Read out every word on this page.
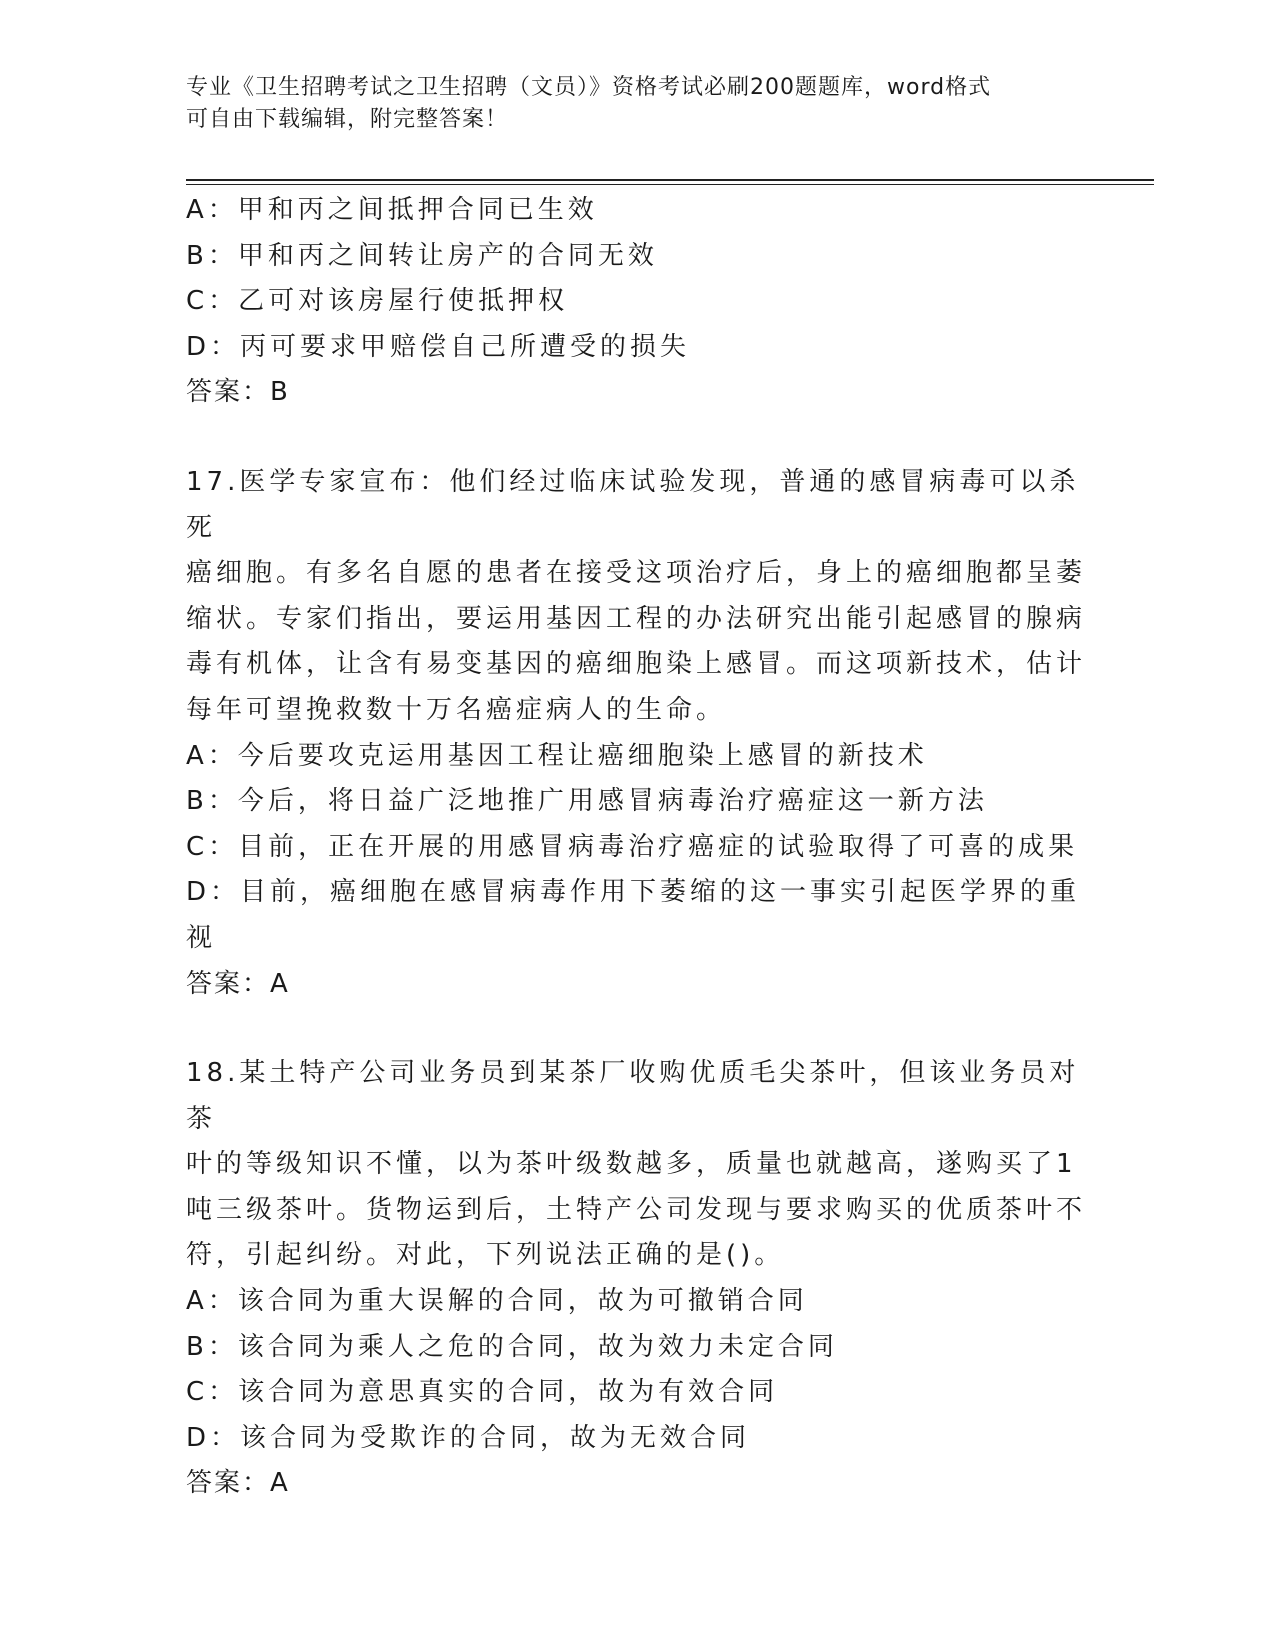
专业《卫生招聘考试之卫生招聘（文员）》资格考试必刷200题题库，word格式
可自由下载编辑，附完整答案！

A：甲和丙之间抵押合同已生效

B：甲和丙之间转让房产的合同无效

C：乙可对该房屋行使抵押权

D：丙可要求甲赔偿自己所遭受的损失

答案：B

17.医学专家宣布：他们经过临床试验发现，普通的感冒病毒可以杀死

癌细胞。有多名自愿的患者在接受这项治疗后，身上的癌细胞都呈萎

缩状。专家们指出，要运用基因工程的办法研究出能引起感冒的腺病

毒有机体，让含有易变基因的癌细胞染上感冒。而这项新技术，估计

每年可望挽救数十万名癌症病人的生命。

A：今后要攻克运用基因工程让癌细胞染上感冒的新技术

B：今后，将日益广泛地推广用感冒病毒治疗癌症这一新方法

C：目前，正在开展的用感冒病毒治疗癌症的试验取得了可喜的成果

D：目前，癌细胞在感冒病毒作用下萎缩的这一事实引起医学界的重视

答案：A

18.某土特产公司业务员到某茶厂收购优质毛尖茶叶，但该业务员对茶

叶的等级知识不懂，以为茶叶级数越多，质量也就越高，遂购买了1

吨三级茶叶。货物运到后，土特产公司发现与要求购买的优质茶叶不

符，引起纠纷。对此，下列说法正确的是()。

A：该合同为重大误解的合同，故为可撤销合同

B：该合同为乘人之危的合同，故为效力未定合同

C：该合同为意思真实的合同，故为有效合同

D：该合同为受欺诈的合同，故为无效合同

答案：A
